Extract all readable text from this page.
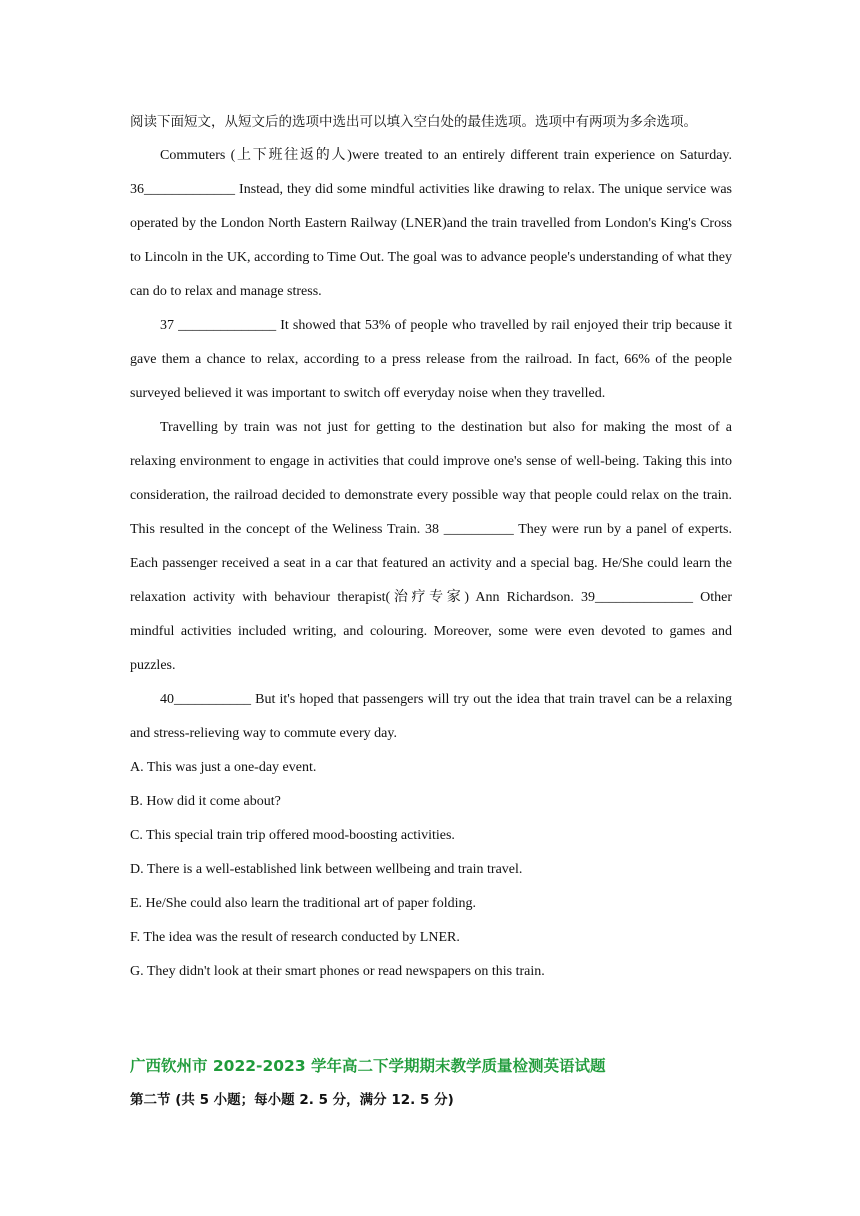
阅读下面短文，从短文后的选项中选出可以填入空白处的最佳选项。选项中有两项为多余选项。

Commuters (上下班往返的人)were treated to an entirely different train experience on Saturday. 36_____________ Instead, they did some mindful activities like drawing to relax. The unique service was operated by the London North Eastern Railway (LNER)and the train travelled from London's King's Cross to Lincoln in the UK, according to Time Out. The goal was to advance people's understanding of what they can do to relax and manage stress.

37 ______________ It showed that 53% of people who travelled by rail enjoyed their trip because it gave them a chance to relax, according to a press release from the railroad. In fact, 66% of the people surveyed believed it was important to switch off everyday noise when they travelled.

Travelling by train was not just for getting to the destination but also for making the most of a relaxing environment to engage in activities that could improve one's sense of well-being. Taking this into consideration, the railroad decided to demonstrate every possible way that people could relax on the train. This resulted in the concept of the Weliness Train. 38 __________ They were run by a panel of experts. Each passenger received a seat in a car that featured an activity and a special bag. He/She could learn the relaxation activity with behaviour therapist(治疗专家) Ann Richardson. 39______________ Other mindful activities included writing, and colouring. Moreover, some were even devoted to games and puzzles.

40___________ But it's hoped that passengers will try out the idea that train travel can be a relaxing and stress-relieving way to commute every day.

A. This was just a one-day event.

B. How did it come about?

C. This special train trip offered mood-boosting activities.

D. There is a well-established link between wellbeing and train travel.

E. He/She could also learn the traditional art of paper folding.

F. The idea was the result of research conducted by LNER.

G. They didn't look at their smart phones or read newspapers on this train.

广西钦州市 2022-2023 学年高二下学期期末教学质量检测英语试题
第二节 (共 5 小题；每小题 2. 5 分，满分 12. 5 分)
